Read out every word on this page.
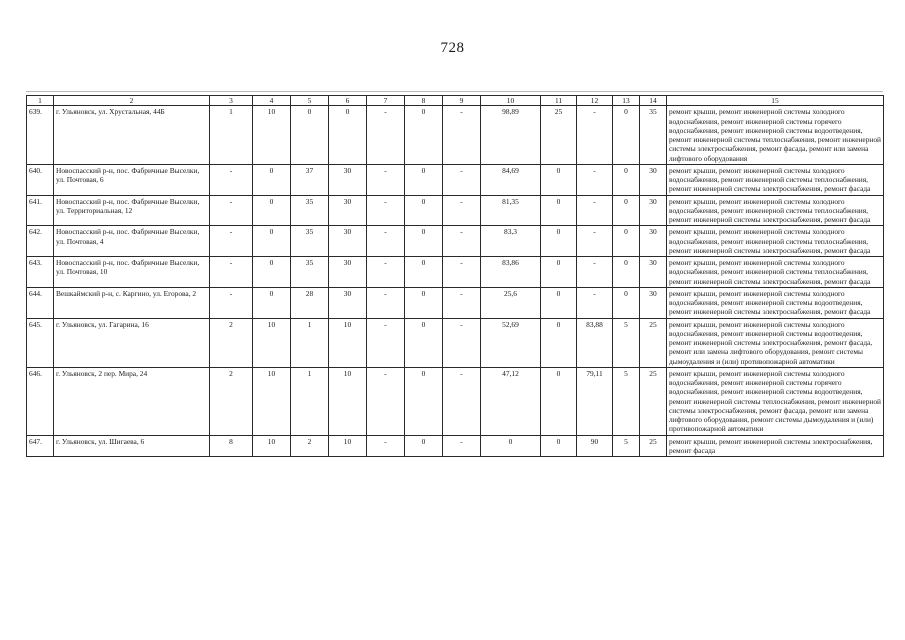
728
1	2	3	4	5	6	7	8	9	10	11	12	13	14	15
639.	г. Ульяновск, ул. Хрустальная, 44Б	1	10	0	0	-	0	-	98,89	25	-	0	35	ремонт крыши, ремонт инженерной системы холодного водоснабжения, ремонт инженерной системы горячего водоснабжения, ремонт инженерной системы водоотведения, ремонт инженерной системы теплоснабжения, ремонт инженерной системы электроснабжения, ремонт фасада, ремонт или замена лифтового оборудования
640.	Новоспасский р-н, пос. Фабричные Выселки, ул. Почтовая, 6	-	0	37	30	-	0	-	84,69	0	-	0	30	ремонт крыши, ремонт инженерной системы холодного водоснабжения, ремонт инженерной системы теплоснабжения, ремонт инженерной системы электроснабжения, ремонт фасада
641.	Новоспасский р-н, пос. Фабричные Выселки, ул. Территориальная, 12	-	0	35	30	-	0	-	81,35	0	-	0	30	ремонт крыши, ремонт инженерной системы холодного водоснабжения, ремонт инженерной системы теплоснабжения, ремонт инженерной системы электроснабжения, ремонт фасада
642.	Новоспасский р-н, пос. Фабричные Выселки, ул. Почтовая, 4	-	0	35	30	-	0	-	83,3	0	-	0	30	ремонт крыши, ремонт инженерной системы холодного водоснабжения, ремонт инженерной системы теплоснабжения, ремонт инженерной системы электроснабжения, ремонт фасада
643.	Новоспасский р-н, пос. Фабричные Выселки, ул. Почтовая, 10	-	0	35	30	-	0	-	83,86	0	-	0	30	ремонт крыши, ремонт инженерной системы холодного водоснабжения, ремонт инженерной системы теплоснабжения, ремонт инженерной системы электроснабжения, ремонт фасада
644.	Вешкаймский р-н, с. Каргино, ул. Егорова, 2	-	0	28	30	-	0	-	25,6	0	-	0	30	ремонт крыши, ремонт инженерной системы холодного водоснабжения, ремонт инженерной системы водоотведения, ремонт инженерной системы электроснабжения, ремонт фасада
645.	г. Ульяновск, ул. Гагарина, 16	2	10	1	10	-	0	-	52,69	0	83,88	5	25	ремонт крыши, ремонт инженерной системы холодного водоснабжения, ремонт инженерной системы водоотведения, ремонт инженерной системы электроснабжения, ремонт фасада, ремонт или замена лифтового оборудования, ремонт системы дымоудаления и (или) противопожарной автоматики
646.	г. Ульяновск, 2 пер. Мира, 24	2	10	1	10	-	0	-	47,12	0	79,11	5	25	ремонт крыши, ремонт инженерной системы холодного водоснабжения, ремонт инженерной системы горячего водоснабжения, ремонт инженерной системы водоотведения, ремонт инженерной системы теплоснабжения, ремонт инженерной системы электроснабжения, ремонт фасада, ремонт или замена лифтового оборудования, ремонт системы дымоудаления и (или) противопожарной автоматики
647.	г. Ульяновск, ул. Шигаева, 6	8	10	2	10	-	0	-	0	0	90	5	25	ремонт крыши, ремонт инженерной системы электроснабжения, ремонт фасада
